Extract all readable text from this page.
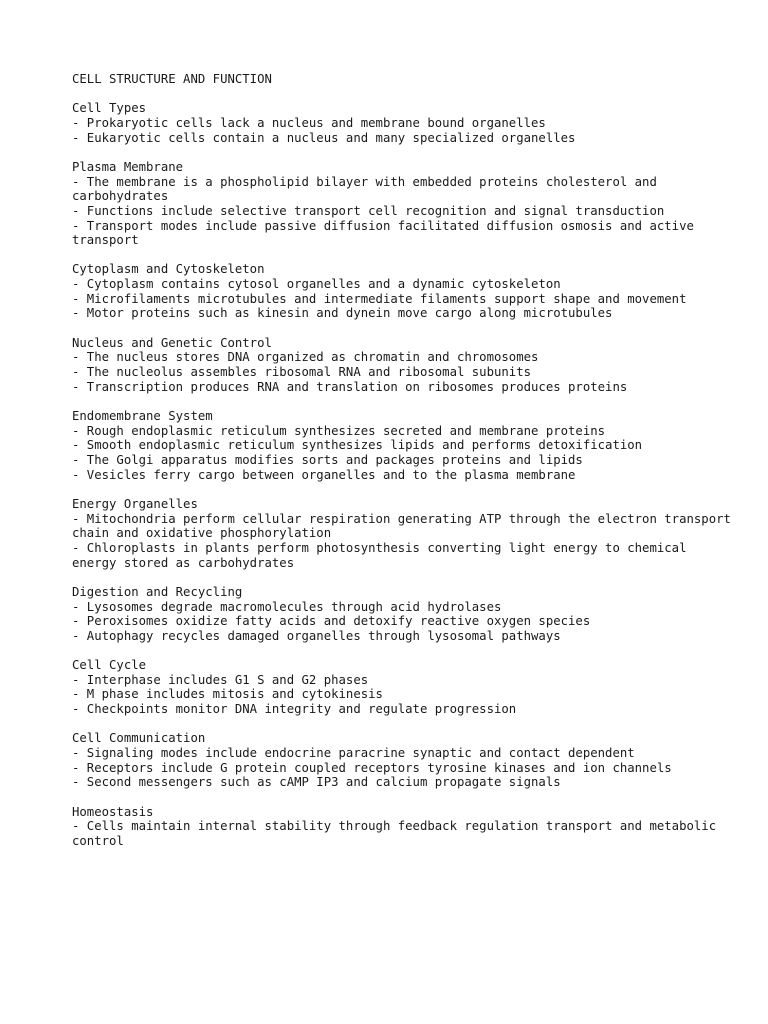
CELL STRUCTURE AND FUNCTION
Cell Types
- Prokaryotic cells lack a nucleus and membrane bound organelles
- Eukaryotic cells contain a nucleus and many specialized organelles
Plasma Membrane
- The membrane is a phospholipid bilayer with embedded proteins cholesterol and carbohydrates
- Functions include selective transport cell recognition and signal transduction
- Transport modes include passive diffusion facilitated diffusion osmosis and active transport
Cytoplasm and Cytoskeleton
- Cytoplasm contains cytosol organelles and a dynamic cytoskeleton
- Microfilaments microtubules and intermediate filaments support shape and movement
- Motor proteins such as kinesin and dynein move cargo along microtubules
Nucleus and Genetic Control
- The nucleus stores DNA organized as chromatin and chromosomes
- The nucleolus assembles ribosomal RNA and ribosomal subunits
- Transcription produces RNA and translation on ribosomes produces proteins
Endomembrane System
- Rough endoplasmic reticulum synthesizes secreted and membrane proteins
- Smooth endoplasmic reticulum synthesizes lipids and performs detoxification
- The Golgi apparatus modifies sorts and packages proteins and lipids
- Vesicles ferry cargo between organelles and to the plasma membrane
Energy Organelles
- Mitochondria perform cellular respiration generating ATP through the electron transport chain and oxidative phosphorylation
- Chloroplasts in plants perform photosynthesis converting light energy to chemical energy stored as carbohydrates
Digestion and Recycling
- Lysosomes degrade macromolecules through acid hydrolases
- Peroxisomes oxidize fatty acids and detoxify reactive oxygen species
- Autophagy recycles damaged organelles through lysosomal pathways
Cell Cycle
- Interphase includes G1 S and G2 phases
- M phase includes mitosis and cytokinesis
- Checkpoints monitor DNA integrity and regulate progression
Cell Communication
- Signaling modes include endocrine paracrine synaptic and contact dependent
- Receptors include G protein coupled receptors tyrosine kinases and ion channels
- Second messengers such as cAMP IP3 and calcium propagate signals
Homeostasis
- Cells maintain internal stability through feedback regulation transport and metabolic control
